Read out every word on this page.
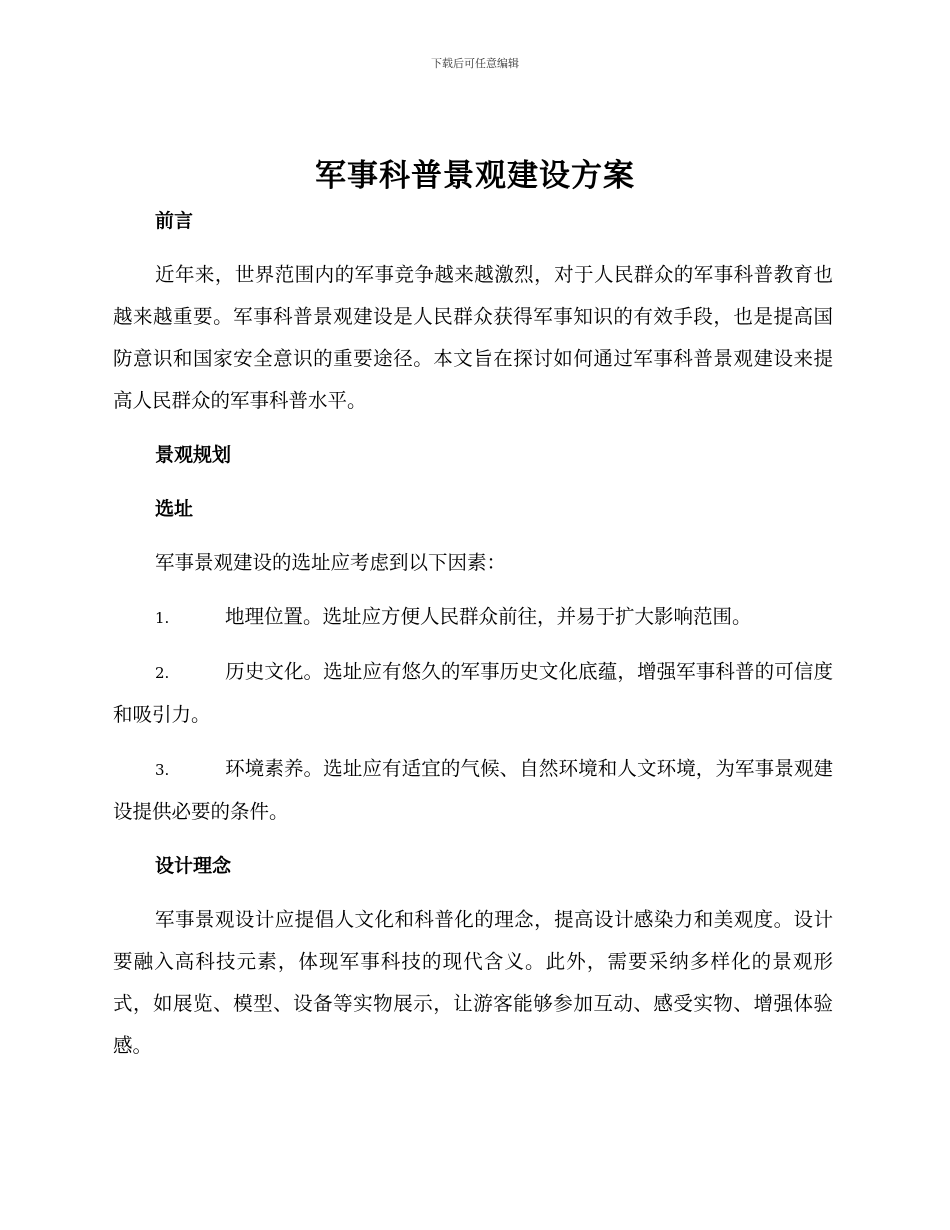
下载后可任意编辑
军事科普景观建设方案
前言

近年来，世界范围内的军事竞争越来越激烈，对于人民群众的军事科普教育也越来越重要。军事科普景观建设是人民群众获得军事知识的有效手段，也是提高国防意识和国家安全意识的重要途径。本文旨在探讨如何通过军事科普景观建设来提高人民群众的军事科普水平。

景观规划
选址

军事景观建设的选址应考虑到以下因素：

1.	地理位置。选址应方便人民群众前往，并易于扩大影响范围。

2.	历史文化。选址应有悠久的军事历史文化底蕴，增强军事科普的可信度和吸引力。

3.	环境素养。选址应有适宜的气候、自然环境和人文环境，为军事景观建设提供必要的条件。

设计理念

军事景观设计应提倡人文化和科普化的理念，提高设计感染力和美观度。设计要融入高科技元素，体现军事科技的现代含义。此外，需要采纳多样化的景观形式，如展览、模型、设备等实物展示，让游客能够参加互动、感受实物、增强体验感。
